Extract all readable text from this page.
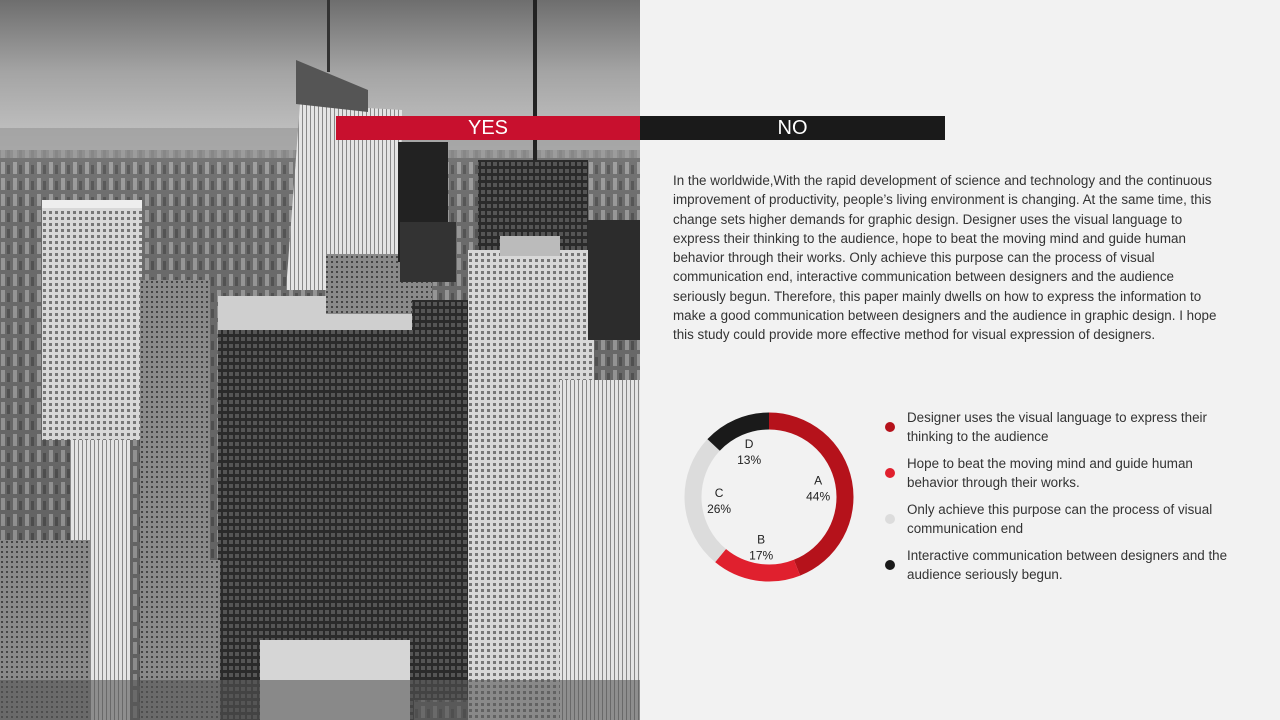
YES	NO

In the worldwide,With the rapid development of science and technology and the continuous improvement of productivity, people’s living environment is changing. At the same time, this change sets higher demands for graphic design. Designer uses the visual language to express their thinking to the audience, hope to beat the moving mind and guide human behavior through their works. Only achieve this purpose can the process of visual communication end, interactive communication between designers and the audience seriously begun. Therefore, this paper mainly dwells on how to express the information to make a good communication between designers and the audience in graphic design. I hope this study could provide more effective method for visual expression of designers.

A
44%
B
17%
C
26%
D
13%
Designer uses the visual language to express their thinking to the audience
Hope to beat the moving mind and guide human behavior through their works.
Only achieve this purpose can the process of visual communication end
Interactive communication between designers and the audience seriously begun.
